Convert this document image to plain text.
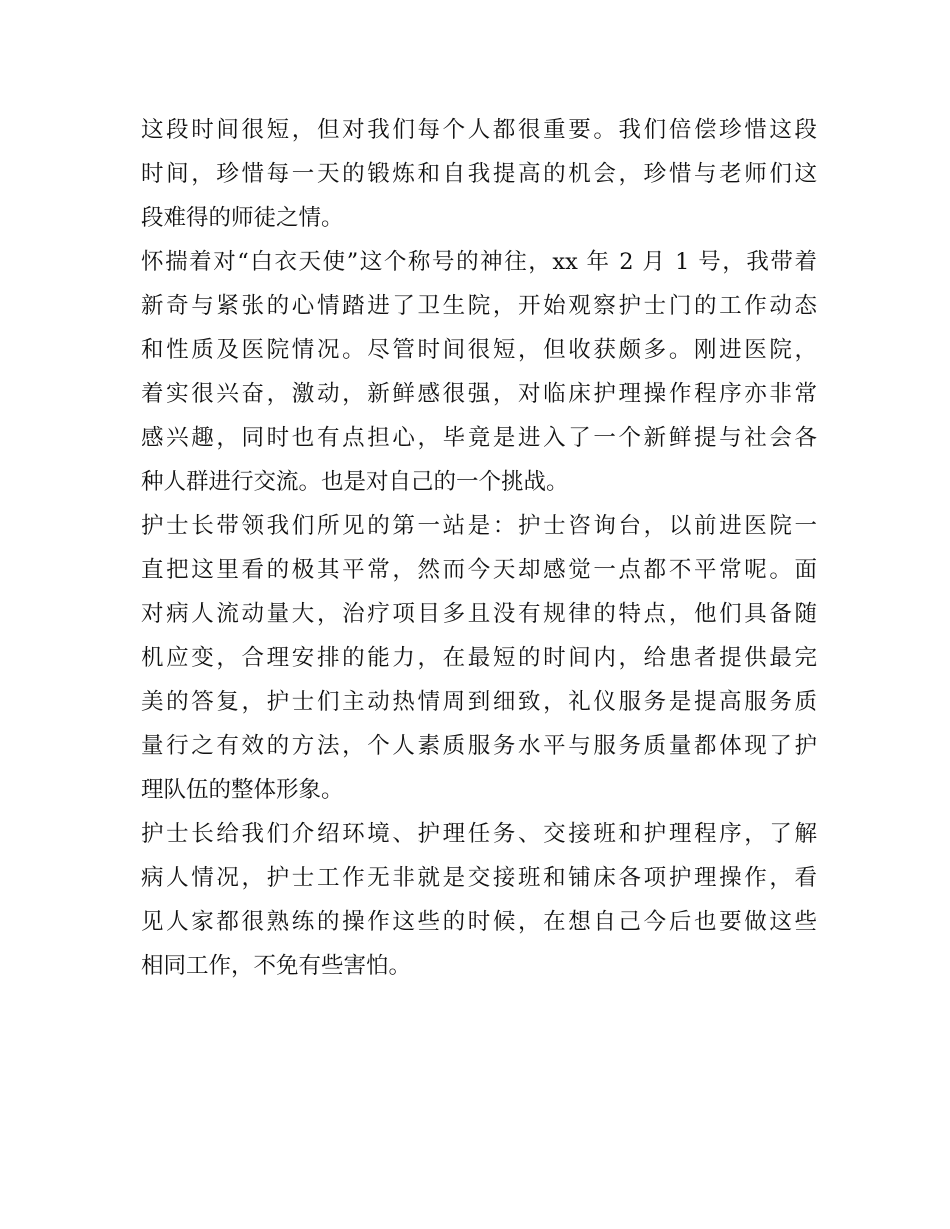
这段时间很短，但对我们每个人都很重要。我们倍偿珍惜这段
时间，珍惜每一天的锻炼和自我提高的机会，珍惜与老师们这
段难得的师徒之情。
怀揣着对“白衣天使”这个称号的神往，xx 年 2 月 1 号，我带着
新奇与紧张的心情踏进了卫生院，开始观察护士门的工作动态
和性质及医院情况。尽管时间很短，但收获颇多。刚进医院，
着实很兴奋，激动，新鲜感很强，对临床护理操作程序亦非常
感兴趣，同时也有点担心，毕竟是进入了一个新鲜提与社会各
种人群进行交流。也是对自己的一个挑战。
护士长带领我们所见的第一站是：护士咨询台，以前进医院一
直把这里看的极其平常，然而今天却感觉一点都不平常呢。面
对病人流动量大，治疗项目多且没有规律的特点，他们具备随
机应变，合理安排的能力，在最短的时间内，给患者提供最完
美的答复，护士们主动热情周到细致，礼仪服务是提高服务质
量行之有效的方法，个人素质服务水平与服务质量都体现了护
理队伍的整体形象。
护士长给我们介绍环境、护理任务、交接班和护理程序，了解
病人情况，护士工作无非就是交接班和铺床各项护理操作，看
见人家都很熟练的操作这些的时候，在想自己今后也要做这些
相同工作，不免有些害怕。
